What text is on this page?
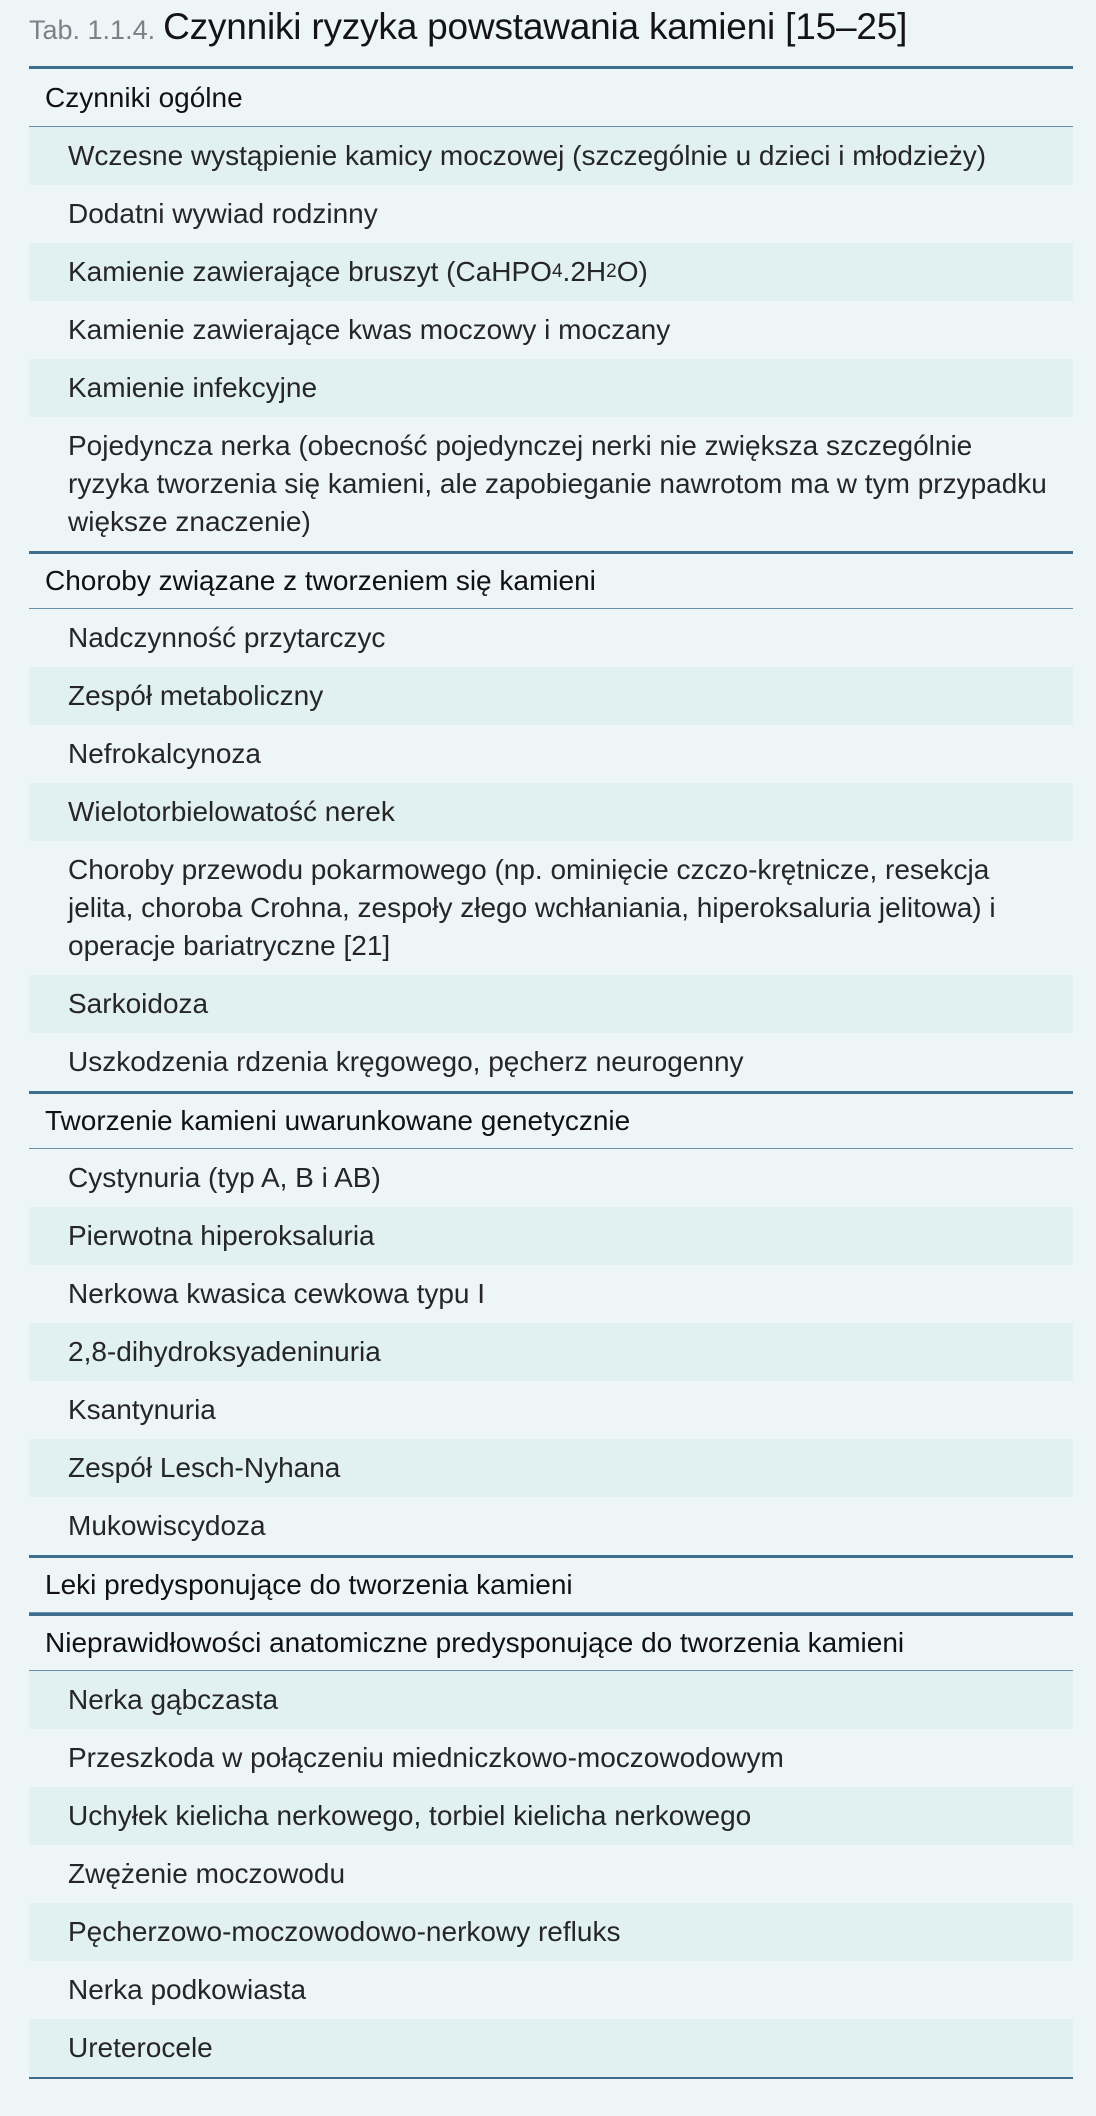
Tab. 1.1.4. Czynniki ryzyka powstawania kamieni [15–25]
Czynniki ogólne
Wczesne wystąpienie kamicy moczowej (szczególnie u dzieci i młodzieży)
Dodatni wywiad rodzinny
Kamienie zawierające bruszyt (CaHPO 4 .2H 2 O)
Kamienie zawierające kwas moczowy i moczany
Kamienie infekcyjne
Pojedyncza nerka (obecność pojedynczej nerki nie zwiększa szczególnie ryzyka tworzenia się kamieni, ale zapobieganie nawrotom ma w tym przypadku większe znaczenie)
Choroby związane z tworzeniem się kamieni
Nadczynność przytarczyc
Zespół metaboliczny
Nefrokalcynoza
Wielotorbielowatość nerek
Choroby przewodu pokarmowego (np. ominięcie czczo-krętnicze, resekcja jelita, choroba Crohna, zespoły złego wchłaniania, hiperoksaluria jelitowa) i operacje bariatryczne [21]
Sarkoidoza
Uszkodzenia rdzenia kręgowego, pęcherz neurogenny
Tworzenie kamieni uwarunkowane genetycznie
Cystynuria (typ A, B i AB)
Pierwotna hiperoksaluria
Nerkowa kwasica cewkowa typu I
2,8-dihydroksyadeninuria
Ksantynuria
Zespół Lesch-Nyhana
Mukowiscydoza
Leki predysponujące do tworzenia kamieni
Nieprawidłowości anatomiczne predysponujące do tworzenia kamieni
Nerka gąbczasta
Przeszkoda w połączeniu miedniczkowo-moczowodowym
Uchyłek kielicha nerkowego, torbiel kielicha nerkowego
Zwężenie moczowodu
Pęcherzowo-moczowodowo-nerkowy refluks
Nerka podkowiasta
Ureterocele
